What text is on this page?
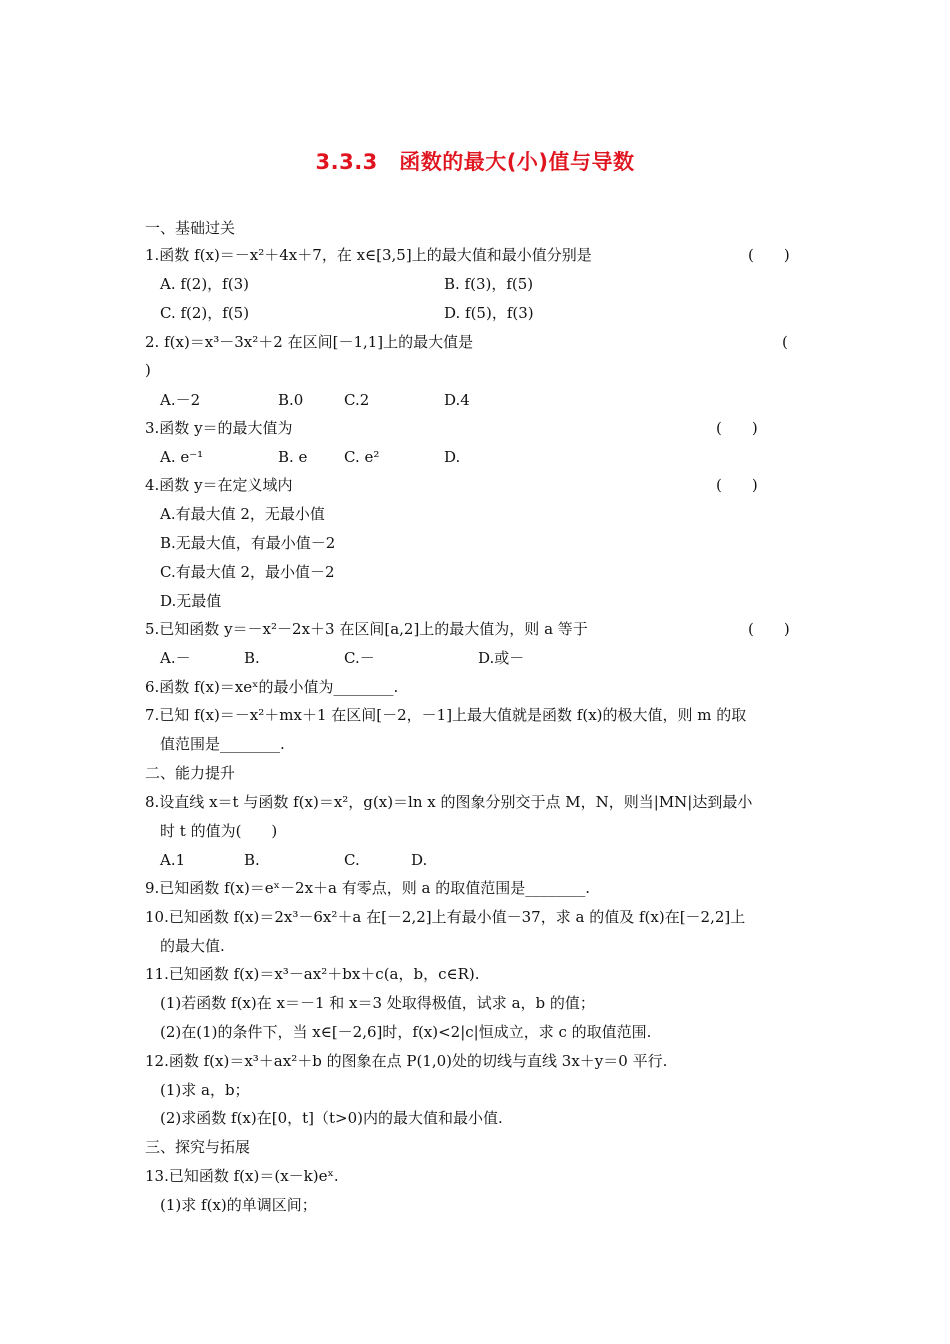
3.3.3　函数的最大(小)值与导数
一、基础过关
1.函数 f(x)＝－x²＋4x＋7，在 x∈[3,5]上的最大值和最小值分别是	(　　)
A. f(2)，f(3)	B. f(3)，f(5)
C. f(2)，f(5)	D. f(5)，f(3)
2. f(x)＝x³－3x²＋2 在区间[－1,1]上的最大值是	(
)
A.－2	B.0	C.2	D.4
3.函数 y＝的最大值为	(　　)
A. e⁻¹	B. e C. e²	D.
4.函数 y＝在定义域内	(　　)
A.有最大值 2，无最小值
B.无最大值，有最小值－2
C.有最大值 2，最小值－2
D.无最值
5.已知函数 y＝－x²－2x＋3 在区间[a,2]上的最大值为，则 a 等于	(　　)
A.－	B.	C.－	D.或－
6.函数 f(x)＝xeˣ的最小值为________.
7.已知 f(x)＝－x²＋mx＋1 在区间[－2，－1]上最大值就是函数 f(x)的极大值，则 m 的取
值范围是________.
二、能力提升
8.设直线 x＝t 与函数 f(x)＝x²，g(x)＝ln x 的图象分别交于点 M，N，则当|MN|达到最小
时 t 的值为(　　)
A.1	B.	C.	D.
9.已知函数 f(x)＝eˣ－2x＋a 有零点，则 a 的取值范围是________.
10.已知函数 f(x)＝2x³－6x²＋a 在[－2,2]上有最小值－37，求 a 的值及 f(x)在[－2,2]上
的最大值.
11.已知函数 f(x)＝x³－ax²＋bx＋c(a，b，c∈R).
(1)若函数 f(x)在 x＝－1 和 x＝3 处取得极值，试求 a，b 的值；
(2)在(1)的条件下，当 x∈[－2,6]时，f(x)<2|c|恒成立，求 c 的取值范围.
12.函数 f(x)＝x³＋ax²＋b 的图象在点 P(1,0)处的切线与直线 3x＋y＝0 平行.
(1)求 a，b；
(2)求函数 f(x)在[0，t]（t>0)内的最大值和最小值.
三、探究与拓展
13.已知函数 f(x)＝(x－k)eˣ.
(1)求 f(x)的单调区间；
